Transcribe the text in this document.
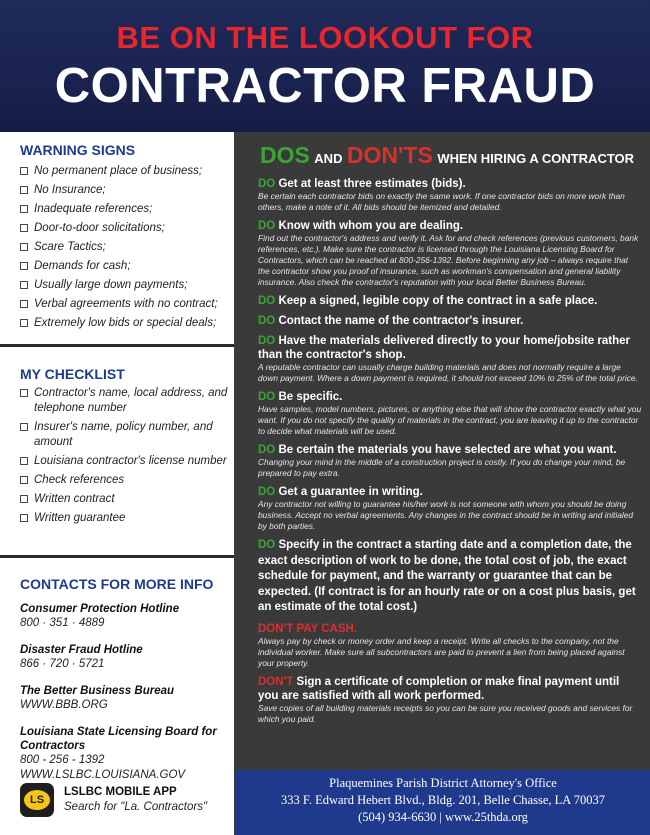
BE ON THE LOOKOUT FOR
CONTRACTOR FRAUD
WARNING SIGNS
No permanent place of business;
No Insurance;
Inadequate references;
Door-to-door solicitations;
Scare Tactics;
Demands for cash;
Usually large down payments;
Verbal agreements with no contract;
Extremely low bids or special deals;
MY CHECKLIST
Contractor's name, local address, and telephone number
Insurer's name, policy number, and amount
Louisiana contractor's license number
Check references
Written contract
Written guarantee
CONTACTS FOR MORE INFO
Consumer Protection Hotline
800 · 351 · 4889
Disaster Fraud Hotline
866 · 720 · 5721
The Better Business Bureau
WWW.BBB.ORG
Louisiana State Licensing Board for Contractors
800 - 256 - 1392
WWW.LSLBC.LOUISIANA.GOV
LS
LSLBC MOBILE APP
Search for "La. Contractors"
DOS AND DON'TS WHEN HIRING A CONTRACTOR
DO Get at least three estimates (bids).
Be certain each contractor bids on exactly the same work. If one contractor bids on more work than others, make a note of it. All bids should be itemized and detailed.
DO Know with whom you are dealing.
Find out the contractor's address and verify it. Ask for and check references (previous customers, bank references, etc.). Make sure the contractor is licensed through the Louisiana Licensing Board for Contractors, which can be reached at 800-256-1392. Before beginning any job – always require that the contractor show you proof of insurance, such as workman's compensation and general liability insurance. Also check the contractor's reputation with your local Better Business Bureau.
DO Keep a signed, legible copy of the contract in a safe place.
DO Contact the name of the contractor's insurer.
DO Have the materials delivered directly to your home/jobsite rather than the contractor's shop.
A reputable contractor can usually charge building materials and does not normally require a large down payment. Where a down payment is required, it should not exceed 10% to 25% of the total price.
DO Be specific.
Have samples, model numbers, pictures, or anything else that will show the contractor exactly what you want. If you do not specify the quality of materials in the contract, you are leaving it up to the contractor to decide what materials will be used.
DO Be certain the materials you have selected are what you want.
Changing your mind in the middle of a construction project is costly. If you do change your mind, be prepared to pay extra.
DO Get a guarantee in writing.
Any contractor not willing to guarantee his/her work is not someone with whom you should be doing business. Accept no verbal agreements. Any changes in the contract should be in writing and initialed by both parties.
DO Specify in the contract a starting date and a completion date, the exact description of work to be done, the total cost of job, the exact schedule for payment, and the warranty or guarantee that can be expected. (If contract is for an hourly rate or on a cost plus basis, get an estimate of the total cost.)
DON'T PAY CASH.
Always pay by check or money order and keep a receipt. Write all checks to the company, not the individual worker. Make sure all subcontractors are paid to prevent a lien from being placed against your property.
DON'T Sign a certificate of completion or make final payment until you are satisfied with all work performed.
Save copies of all building materials receipts so you can be sure you received goods and services for which you paid.
Plaquemines Parish District Attorney's Office
333 F. Edward Hebert Blvd., Bldg. 201, Belle Chasse, LA 70037
(504) 934-6630 | www.25thda.org
